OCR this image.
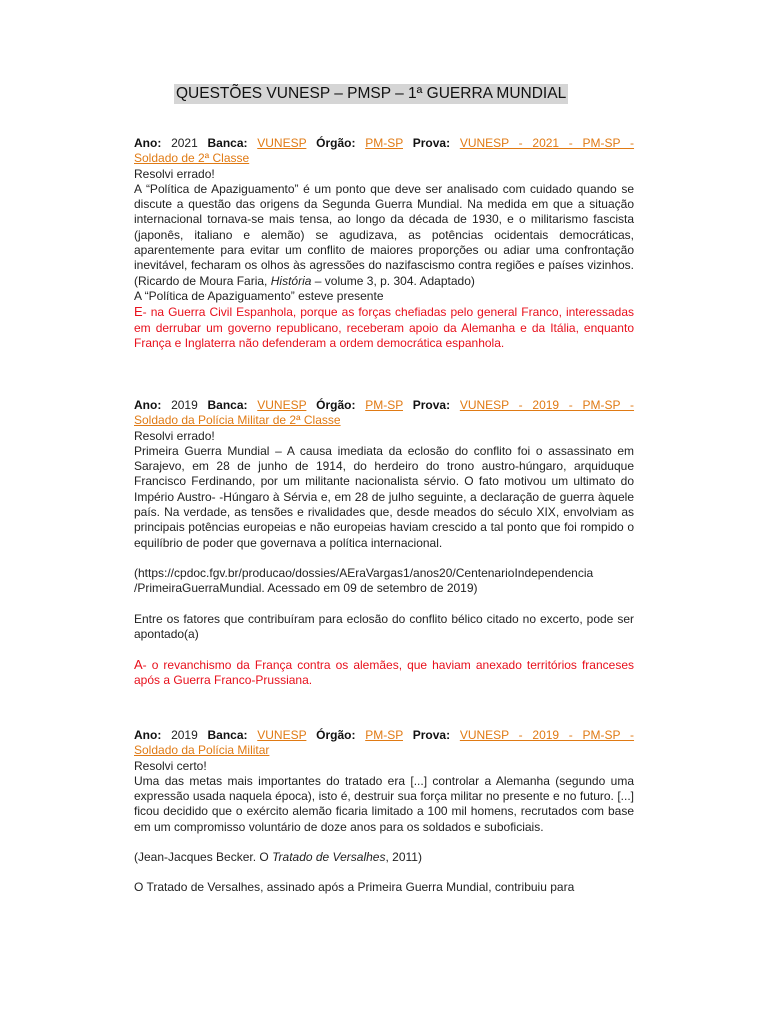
QUESTÕES VUNESP – PMSP – 1ª GUERRA MUNDIAL
Ano: 2021 Banca: VUNESP Órgão: PM-SP Prova: VUNESP - 2021 - PM-SP -
Soldado de 2ª Classe
Resolvi errado!
A “Política de Apaziguamento” é um ponto que deve ser analisado com cuidado quando se discute a questão das origens da Segunda Guerra Mundial. Na medida em que a situação internacional tornava-se mais tensa, ao longo da década de 1930, e o militarismo fascista (japonês, italiano e alemão) se agudizava, as potências ocidentais democráticas, aparentemente para evitar um conflito de maiores proporções ou adiar uma confrontação inevitável, fecharam os olhos às agressões do nazifascismo contra regiões e países vizinhos. (Ricardo de Moura Faria, História – volume 3, p. 304. Adaptado)
A “Política de Apaziguamento” esteve presente
E- na Guerra Civil Espanhola, porque as forças chefiadas pelo general Franco, interessadas em derrubar um governo republicano, receberam apoio da Alemanha e da Itália, enquanto França e Inglaterra não defenderam a ordem democrática espanhola.
Ano: 2019 Banca: VUNESP Órgão: PM-SP Prova: VUNESP - 2019 - PM-SP -
Soldado da Polícia Militar de 2ª Classe
Resolvi errado!
Primeira Guerra Mundial – A causa imediata da eclosão do conflito foi o assassinato em Sarajevo, em 28 de junho de 1914, do herdeiro do trono austro-húngaro, arquiduque Francisco Ferdinando, por um militante nacionalista sérvio. O fato motivou um ultimato do Império Austro- -Húngaro à Sérvia e, em 28 de julho seguinte, a declaração de guerra àquele país. Na verdade, as tensões e rivalidades que, desde meados do século XIX, envolviam as principais potências europeias e não europeias haviam crescido a tal ponto que foi rompido o equilíbrio de poder que governava a política internacional.
(https://cpdoc.fgv.br/producao/dossies/AEraVargas1/anos20/CentenarioIndependencia
/PrimeiraGuerraMundial. Acessado em 09 de setembro de 2019)
Entre os fatores que contribuíram para eclosão do conflito bélico citado no excerto, pode ser apontado(a)
A- o revanchismo da França contra os alemães, que haviam anexado territórios franceses após a Guerra Franco-Prussiana.
Ano: 2019 Banca: VUNESP Órgão: PM-SP Prova: VUNESP - 2019 - PM-SP -
Soldado da Polícia Militar
Resolvi certo!
Uma das metas mais importantes do tratado era [...] controlar a Alemanha (segundo uma expressão usada naquela época), isto é, destruir sua força militar no presente e no futuro. [...] ficou decidido que o exército alemão ficaria limitado a 100 mil homens, recrutados com base em um compromisso voluntário de doze anos para os soldados e suboficiais.
(Jean-Jacques Becker. O Tratado de Versalhes, 2011)
O Tratado de Versalhes, assinado após a Primeira Guerra Mundial, contribuiu para
